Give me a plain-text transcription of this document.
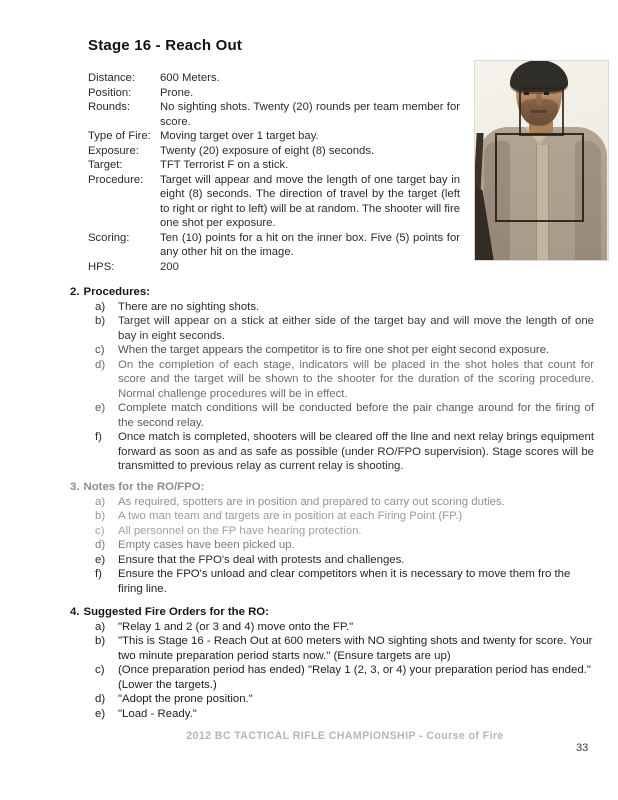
Stage 16 - Reach Out
Distance:	600 Meters.
Position:	Prone.
Rounds:	No sighting shots. Twenty (20) rounds per team member for score.
Type of Fire: Moving target over 1 target bay.
Exposure:	Twenty (20) exposure of eight (8) seconds.
Target:	TFT Terrorist F on a stick.
Procedure:	Target will appear and move the length of one target bay in eight (8) seconds. The direction of travel by the target (left to right or right to left) will be at random. The shooter will fire one shot per exposure.
Scoring:	Ten (10) points for a hit on the inner box. Five (5) points for any other hit on the image.
HPS:	200
2. Procedures:
a)	There are no sighting shots.
b)	Target will appear on a stick at either side of the target bay and will move the length of one bay in eight seconds.
c)	When the target appears the competitor is to fire one shot per eight second exposure.
d)	On the completion of each stage, indicators will be placed in the shot holes that count for score and the target will be shown to the shooter for the duration of the scoring procedure. Normal challenge procedures will be in effect.
e)	Complete match conditions will be conducted before the pair change around for the firing of the second relay.
f)	Once match is completed, shooters will be cleared off the line and next relay brings equipment forward as soon as and as safe as possible (under RO/FPO supervision). Stage scores will be transmitted to previous relay as current relay is shooting.
3. Notes for the RO/FPO:
a)	As required, spotters are in position and prepared to carry out scoring duties.
b)	A two man team and targets are in position at each Firing Point (FP.)
c)	All personnel on the FP have hearing protection.
d)	Empty cases have been picked up.
e)	Ensure that the FPO's deal with protests and challenges.
f)	Ensure the FPO's unload and clear competitors when it is necessary to move them fro the firing line.
4. Suggested Fire Orders for the RO:
a)	"Relay 1 and 2 (or 3 and 4) move onto the FP."
b)	"This is Stage 16 - Reach Out at 600 meters with NO sighting shots and twenty for score. Your two minute preparation period starts now." (Ensure targets are up)
c)	(Once preparation period has ended) "Relay 1 (2, 3, or 4) your preparation period has ended." (Lower the targets.)
d)	"Adopt the prone position."
e)	"Load - Ready."
2012 BC TACTICAL RIFLE CHAMPIONSHIP - Course of Fire
33
